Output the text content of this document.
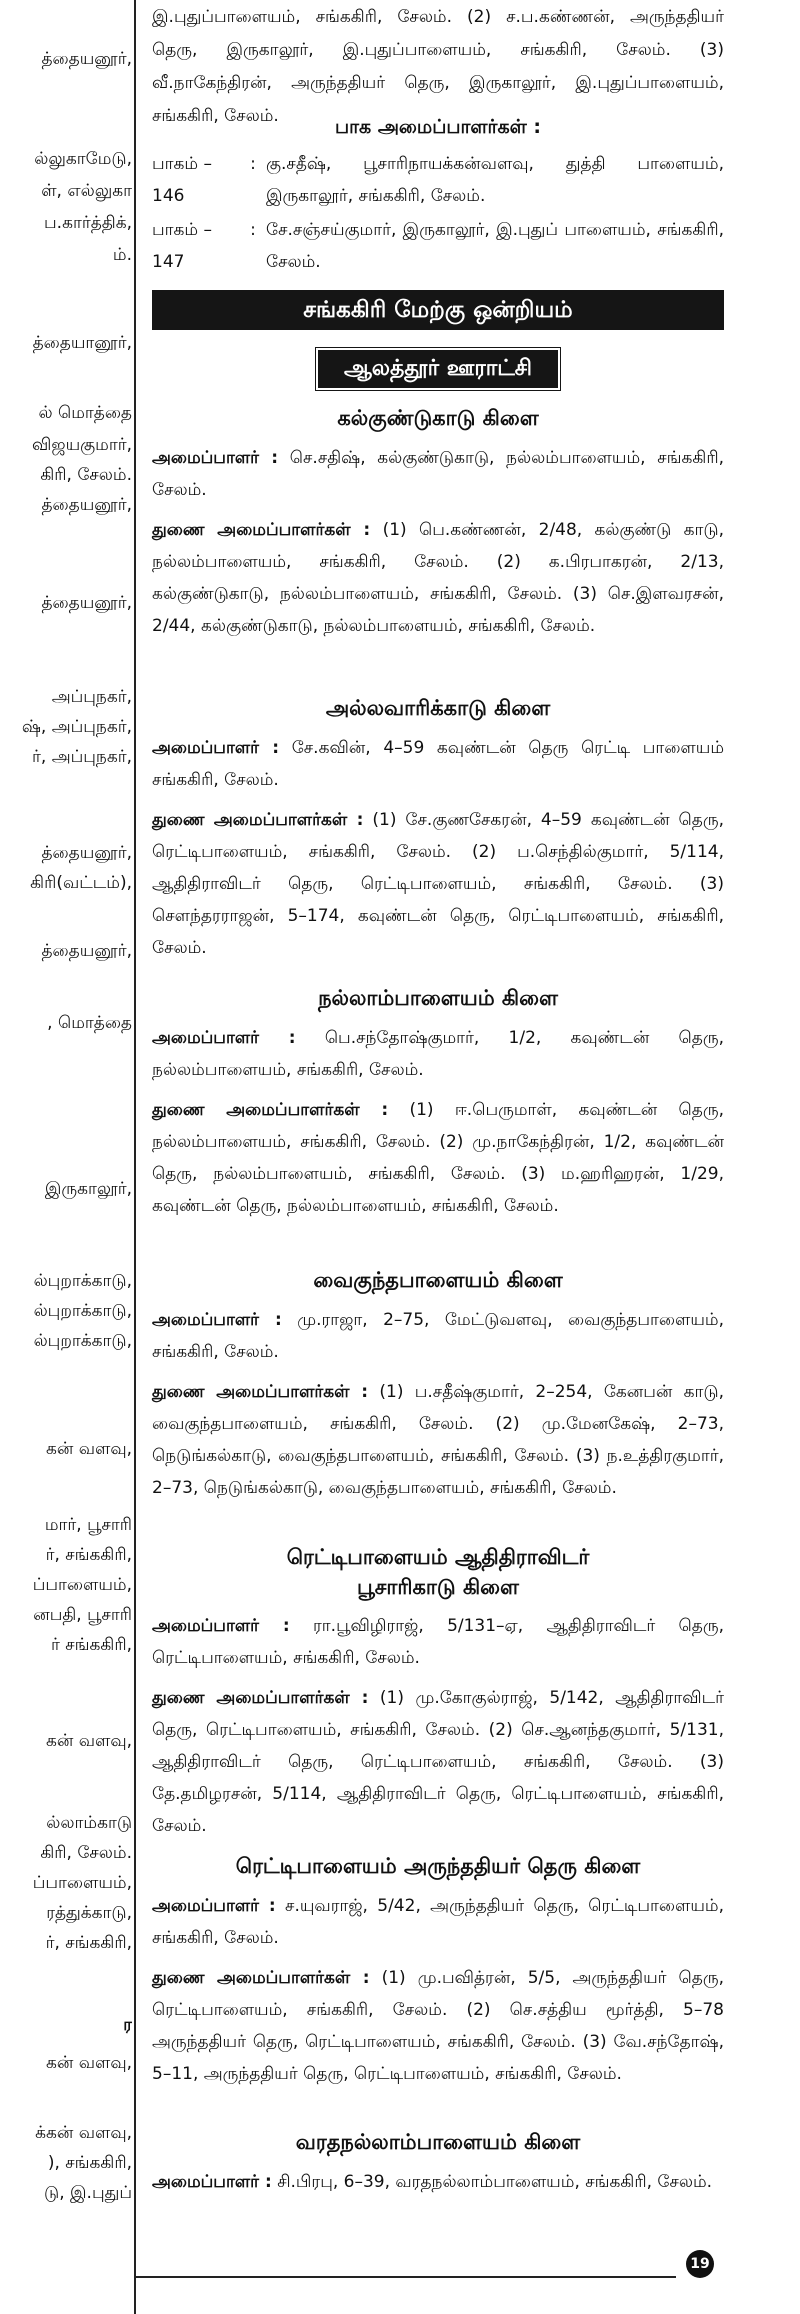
த்தையனூர்,
ல்லுகாமேடு,
ள், எல்லுகா
ப.கார்த்திக்,
ம்.
த்தையானூர்,
ல் மொத்தை
விஜயகுமார்,
கிரி, சேலம்.
த்தையனூர்,
த்தையனூர்,
அப்புநகர்,
ஷ், அப்புநகர்,
ர், அப்புநகர்,
த்தையனூர்,
கிரி(வட்டம்),
த்தையனூர்,
, மொத்தை
இருகாலூர்,
ல்புறாக்காடு,
ல்புறாக்காடு,
ல்புறாக்காடு,
கன் வளவு,
மார், பூசாரி
ர், சங்ககிரி,
ப்பாளையம்,
னபதி, பூசாரி
ர் சங்ககிரி,
கன் வளவு,
ல்லாம்காடு
கிரி, சேலம்.
ப்பாளையம்,
ரத்துக்காடு,
ர், சங்ககிரி,
ர
கன் வளவு,
க்கன் வளவு,
), சங்ககிரி,
டு, இ.புதுப்

இ.புதுப்பாளையம், சங்ககிரி, சேலம். (2) ச.ப.கண்ணன், அருந்ததியர் தெரு, இருகாலூர், இ.புதுப்பாளையம், சங்ககிரி, சேலம். (3) வீ.நாகேந்திரன், அருந்ததியர் தெரு, இருகாலூர், இ.புதுப்பாளையம், சங்ககிரி, சேலம்.	பாக அமைப்பாளர்கள் :

பாகம் – 146
: கு.சதீஷ், பூசாரிநாயக்கன்வளவு, துத்தி பாளையம், இருகாலூர், சங்ககிரி, சேலம்.
பாகம் – 147
: சே.சஞ்சய்குமார், இருகாலூர், இ.புதுப் பாளையம், சங்ககிரி, சேலம்.
சங்ககிரி மேற்கு ஒன்றியம்
ஆலத்தூர் ஊராட்சி

கல்குண்டுகாடு கிளை

அமைப்பாளர் : செ.சதிஷ், கல்குண்டுகாடு, நல்லம்பாளையம், சங்ககிரி, சேலம்.

துணை அமைப்பாளர்கள் : (1) பெ.கண்ணன், 2/48, கல்குண்டு காடு, நல்லம்பாளையம், சங்ககிரி, சேலம். (2) க.பிரபாகரன், 2/13, கல்குண்டுகாடு, நல்லம்பாளையம், சங்ககிரி, சேலம். (3) செ.இளவரசன், 2/44, கல்குண்டுகாடு, நல்லம்பாளையம், சங்ககிரி, சேலம்.

அல்லவாரிக்காடு கிளை

அமைப்பாளர் : சே.கவின், 4–59 கவுண்டன் தெரு ரெட்டி பாளையம் சங்ககிரி, சேலம்.

துணை அமைப்பாளர்கள் : (1) சே.குணசேகரன், 4–59 கவுண்டன் தெரு, ரெட்டிபாளையம், சங்ககிரி, சேலம். (2) ப.செந்தில்குமார், 5/114, ஆதிதிராவிடர் தெரு, ரெட்டிபாளையம், சங்ககிரி, சேலம். (3) சௌந்தரராஜன், 5–174, கவுண்டன் தெரு, ரெட்டிபாளையம், சங்ககிரி, சேலம்.

நல்லாம்பாளையம் கிளை

அமைப்பாளர் : பெ.சந்தோஷ்குமார், 1/2, கவுண்டன் தெரு, நல்லம்பாளையம், சங்ககிரி, சேலம்.

துணை அமைப்பாளர்கள் : (1) ஈ.பெருமாள், கவுண்டன் தெரு, நல்லம்பாளையம், சங்ககிரி, சேலம். (2) மு.நாகேந்திரன், 1/2, கவுண்டன் தெரு, நல்லம்பாளையம், சங்ககிரி, சேலம். (3) ம.ஹரிஹரன், 1/29, கவுண்டன் தெரு, நல்லம்பாளையம், சங்ககிரி, சேலம்.

வைகுந்தபாளையம் கிளை

அமைப்பாளர் : மு.ராஜா, 2–75, மேட்டுவளவு, வைகுந்தபாளையம், சங்ககிரி, சேலம்.

துணை அமைப்பாளர்கள் : (1) ப.சதீஷ்குமார், 2–254, கேனபன் காடு, வைகுந்தபாளையம், சங்ககிரி, சேலம். (2) மு.மேனகேஷ், 2–73, நெடுங்கல்காடு, வைகுந்தபாளையம், சங்ககிரி, சேலம். (3) ந.உத்திரகுமார், 2–73, நெடுங்கல்காடு, வைகுந்தபாளையம், சங்ககிரி, சேலம்.

ரெட்டிபாளையம் ஆதிதிராவிடர்

பூசாரிகாடு கிளை

அமைப்பாளர் : ரா.பூவிழிராஜ், 5/131–ஏ, ஆதிதிராவிடர் தெரு, ரெட்டிபாளையம், சங்ககிரி, சேலம்.

துணை அமைப்பாளர்கள் : (1) மு.கோகுல்ராஜ், 5/142, ஆதிதிராவிடர் தெரு, ரெட்டிபாளையம், சங்ககிரி, சேலம். (2) செ.ஆனந்தகுமார், 5/131, ஆதிதிராவிடர் தெரு, ரெட்டிபாளையம், சங்ககிரி, சேலம். (3) தே.தமிழரசன், 5/114, ஆதிதிராவிடர் தெரு, ரெட்டிபாளையம், சங்ககிரி, சேலம்.

ரெட்டிபாளையம் அருந்ததியர் தெரு கிளை

அமைப்பாளர் : ச.யுவராஜ், 5/42, அருந்ததியர் தெரு, ரெட்டிபாளையம், சங்ககிரி, சேலம்.

துணை அமைப்பாளர்கள் : (1) மு.பவித்ரன், 5/5, அருந்ததியர் தெரு, ரெட்டிபாளையம், சங்ககிரி, சேலம். (2) செ.சத்திய மூர்த்தி, 5–78 அருந்ததியர் தெரு, ரெட்டிபாளையம், சங்ககிரி, சேலம். (3) வே.சந்தோஷ், 5–11, அருந்ததியர் தெரு, ரெட்டிபாளையம், சங்ககிரி, சேலம்.

வரதநல்லாம்பாளையம் கிளை

அமைப்பாளர் : சி.பிரபு, 6–39, வரதநல்லாம்பாளையம், சங்ககிரி, சேலம்.

19
